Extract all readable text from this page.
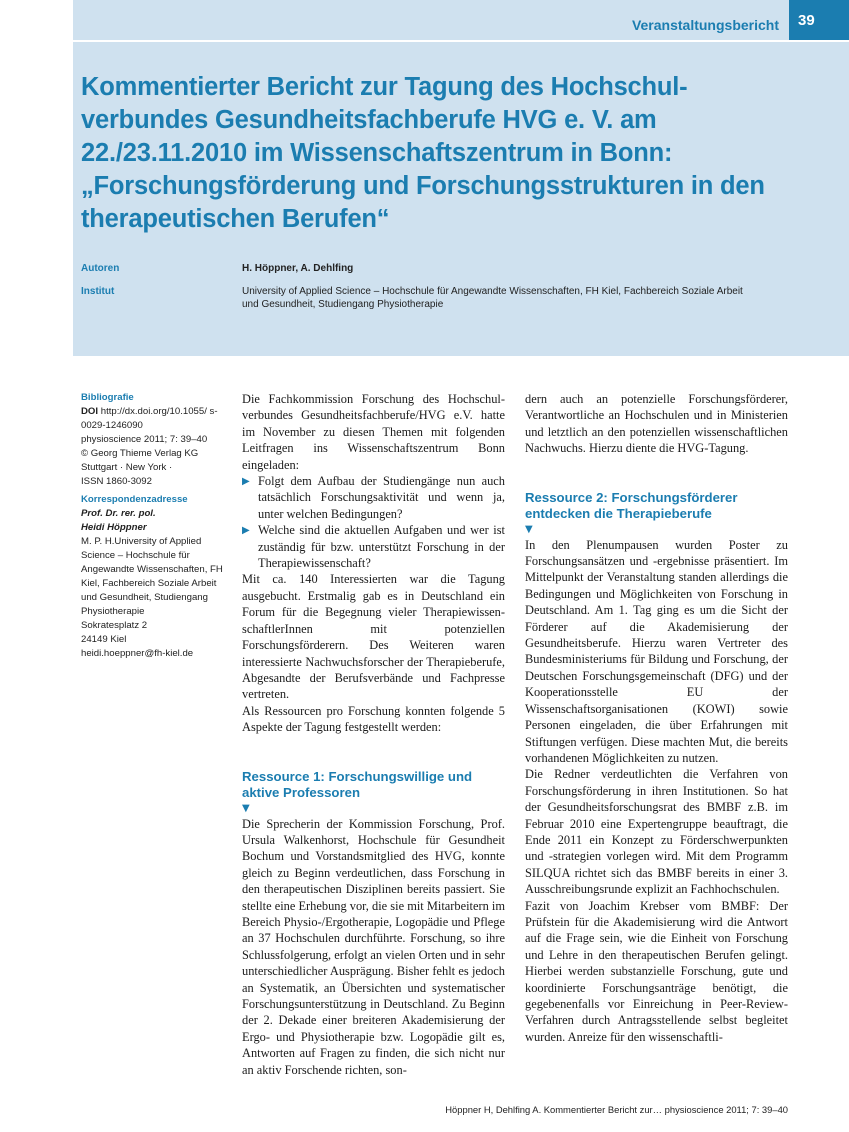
Veranstaltungsbericht	39
Kommentierter Bericht zur Tagung des Hochschul-verbundes Gesundheitsfachberufe HVG e. V. am 22./23.11.2010 im Wissenschaftszentrum in Bonn: „Forschungsförderung und Forschungsstrukturen in den therapeutischen Berufen“
Autoren	H. Höppner, A. Dehlfing
Institut	University of Applied Science – Hochschule für Angewandte Wissenschaften, FH Kiel, Fachbereich Soziale Arbeit und Gesundheit, Studiengang Physiotherapie
Bibliografie
DOI http://dx.doi.org/10.1055/ s-0029-1246090
physioscience 2011; 7: 39–40
© Georg Thieme Verlag KG
Stuttgart · New York ·
ISSN 1860-3092
Korrespondenzadresse
Prof. Dr. rer. pol.
Heidi Höppner
M. P. H.University of Applied Science – Hochschule für Angewandte Wissenschaften, FH Kiel, Fachbereich Soziale Arbeit und Gesundheit, Studiengang Physiotherapie
Sokratesplatz 2
24149 Kiel
heidi.hoeppner@fh-kiel.de

Die Fachkommission Forschung des Hochschul-verbundes Gesundheitsfachberufe/HVG e.V. hatte im November zu diesen Themen mit folgenden Leitfragen ins Wissenschaftszentrum Bonn eingeladen:

▶ Folgt dem Aufbau der Studiengänge nun auch tatsächlich Forschungsaktivität und wenn ja, unter welchen Bedingungen?
▶ Welche sind die aktuellen Aufgaben und wer ist zuständig für bzw. unterstützt Forschung in der Therapiewissenschaft?

Mit ca. 140 Interessierten war die Tagung ausgebucht. Erstmalig gab es in Deutschland ein Forum für die Begegnung vieler Therapiewissen-schaftlerInnen mit potenziellen Forschungsförderern. Des Weiteren waren interessierte Nachwuchsforscher der Therapieberufe, Abgesandte der Berufsverbände und Fachpresse vertreten.

Als Ressourcen pro Forschung konnten folgende 5 Aspekte der Tagung festgestellt werden:

Ressource 1: Forschungswillige und aktive Professoren
▼

Die Sprecherin der Kommission Forschung, Prof. Ursula Walkenhorst, Hochschule für Gesundheit Bochum und Vorstandsmitglied des HVG, konnte gleich zu Beginn verdeutlichen, dass Forschung in den therapeutischen Disziplinen bereits passiert. Sie stellte eine Erhebung vor, die sie mit Mitarbeitern im Bereich Physio-/Ergotherapie, Logopädie und Pflege an 37 Hochschulen durchführte. Forschung, so ihre Schlussfolgerung, erfolgt an vielen Orten und in sehr unterschiedlicher Ausprägung. Bisher fehlt es jedoch an Systematik, an Übersichten und systematischer Forschungsunterstützung in Deutschland. Zu Beginn der 2. Dekade einer breiteren Akademisierung der Ergo- und Physiotherapie bzw. Logopädie gilt es, Antworten auf Fragen zu finden, die sich nicht nur an aktiv Forschende richten, son-

dern auch an potenzielle Forschungsförderer, Verantwortliche an Hochschulen und in Ministerien und letztlich an den potenziellen wissenschaftlichen Nachwuchs. Hierzu diente die HVG-Tagung.

Ressource 2: Forschungsförderer entdecken die Therapieberufe
▼

In den Plenumpausen wurden Poster zu Forschungsansätzen und -ergebnisse präsentiert. Im Mittelpunkt der Veranstaltung standen allerdings die Bedingungen und Möglichkeiten von Forschung in Deutschland. Am 1. Tag ging es um die Sicht der Förderer auf die Akademisierung der Gesundheitsberufe. Hierzu waren Vertreter des Bundesministeriums für Bildung und Forschung, der Deutschen Forschungsgemeinschaft (DFG) und der Kooperationsstelle EU der Wissenschaftsorganisationen (KOWI) sowie Personen eingeladen, die über Erfahrungen mit Stiftungen verfügen. Diese machten Mut, die bereits vorhandenen Möglichkeiten zu nutzen.

Die Redner verdeutlichten die Verfahren von Forschungsförderung in ihren Institutionen. So hat der Gesundheitsforschungsrat des BMBF z.B. im Februar 2010 eine Expertengruppe beauftragt, die Ende 2011 ein Konzept zu Förderschwerpunkten und -strategien vorlegen wird. Mit dem Programm SILQUA richtet sich das BMBF bereits in einer 3. Ausschreibungsrunde explizit an Fachhochschulen.

Fazit von Joachim Krebser vom BMBF: Der Prüfstein für die Akademisierung wird die Antwort auf die Frage sein, wie die Einheit von Forschung und Lehre in den therapeutischen Berufen gelingt. Hierbei werden substanzielle Forschung, gute und koordinierte Forschungsanträge benötigt, die gegebenenfalls vor Einreichung in Peer-Review-Verfahren durch Antragsstellende selbst begleitet wurden. Anreize für den wissenschaftli-

Höppner H, Dehlfing A. Kommentierter Bericht zur… physioscience 2011; 7: 39–40
